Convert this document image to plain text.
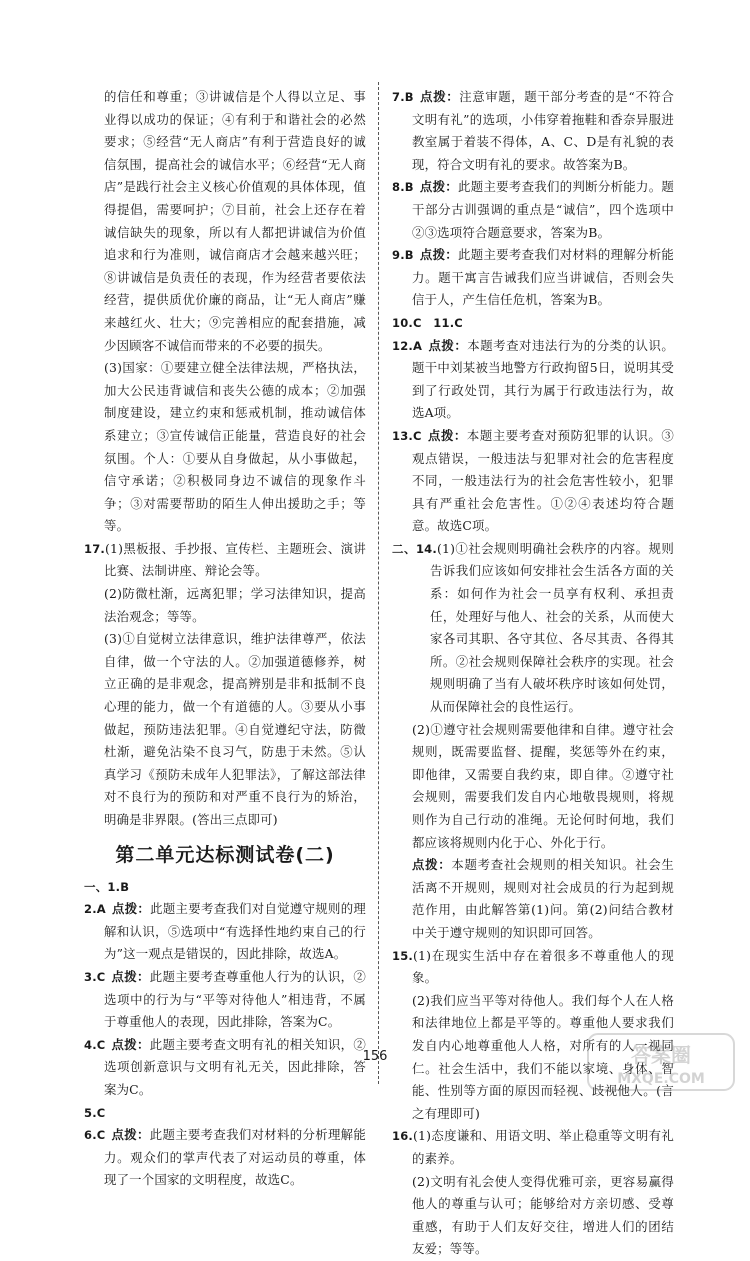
的信任和尊重；③讲诚信是个人得以立足、事业得以成功的保证；④有利于和谐社会的必然要求；⑤经营“无人商店”有利于营造良好的诚信氛围，提高社会的诚信水平；⑥经营“无人商店”是践行社会主义核心价值观的具体体现，值得提倡，需要呵护；⑦目前，社会上还存在着诚信缺失的现象，所以有人都把讲诚信为价值追求和行为准则，诚信商店才会越来越兴旺；⑧讲诚信是负责任的表现，作为经营者要依法经营，提供质优价廉的商品，让“无人商店”赚来越红火、壮大；⑨完善相应的配套措施，减少因顾客不诚信而带来的不必要的损失。

(3)国家：①要建立健全法律法规，严格执法，加大公民违背诚信和丧失公德的成本；②加强制度建设，建立约束和惩戒机制，推动诚信体系建立；③宣传诚信正能量，营造良好的社会氛围。个人：①要从自身做起，从小事做起，信守承诺；②积极同身边不诚信的现象作斗争；③对需要帮助的陌生人伸出援助之手；等等。

17.(1)黑板报、手抄报、宣传栏、主题班会、演讲比赛、法制讲座、辩论会等。

(2)防微杜渐，远离犯罪；学习法律知识，提高法治观念；等等。

(3)①自觉树立法律意识，维护法律尊严，依法自律，做一个守法的人。②加强道德修养，树立正确的是非观念，提高辨别是非和抵制不良心理的能力，做一个有道德的人。③要从小事做起，预防违法犯罪。④自觉遵纪守法，防微杜渐，避免沾染不良习气，防患于未然。⑤认真学习《预防未成年人犯罪法》，了解这部法律对不良行为的预防和对严重不良行为的矫治，明确是非界限。(答出三点即可)

第二单元达标测试卷(二)

一、1.B

2.A 点拨：此题主要考查我们对自觉遵守规则的理解和认识，⑤选项中“有选择性地约束自己的行为”这一观点是错误的，因此排除，故选A。

3.C 点拨：此题主要考查尊重他人行为的认识，②选项中的行为与“平等对待他人”相违背，不属于尊重他人的表现，因此排除，答案为C。

4.C 点拨：此题主要考查文明有礼的相关知识，②选项创新意识与文明有礼无关，因此排除，答案为C。

5.C

6.C 点拨：此题主要考查我们对材料的分析理解能力。观众们的掌声代表了对运动员的尊重，体现了一个国家的文明程度，故选C。

7.B 点拨：注意审题，题干部分考查的是“不符合文明有礼”的选项，小伟穿着拖鞋和香奈异服进教室属于着装不得体，A、C、D是有礼貌的表现，符合文明有礼的要求。故答案为B。

8.B 点拨：此题主要考查我们的判断分析能力。题干部分古训强调的重点是“诚信”，四个选项中②③选项符合题意要求，答案为B。

9.B 点拨：此题主要考查我们对材料的理解分析能力。题干寓言告诫我们应当讲诚信，否则会失信于人，产生信任危机，答案为B。

10.C　11.C

12.A 点拨：本题考查对违法行为的分类的认识。题干中刘某被当地警方行政拘留5日，说明其受到了行政处罚，其行为属于行政违法行为，故选A项。

13.C 点拨：本题主要考查对预防犯罪的认识。③观点错误，一般违法与犯罪对社会的危害程度不同，一般违法行为的社会危害性较小，犯罪具有严重社会危害性。①②④表述均符合题意。故选C项。

二、14.(1)①社会规则明确社会秩序的内容。规则告诉我们应该如何安排社会生活各方面的关系：如何作为社会一员享有权利、承担责任，处理好与他人、社会的关系，从而使大家各司其职、各守其位、各尽其责、各得其所。②社会规则保障社会秩序的实现。社会规则明确了当有人破坏秩序时该如何处罚，从而保障社会的良性运行。

(2)①遵守社会规则需要他律和自律。遵守社会规则，既需要监督、提醒，奖惩等外在约束，即他律，又需要自我约束，即自律。②遵守社会规则，需要我们发自内心地敬畏规则，将规则作为自己行动的准绳。无论何时何地，我们都应该将规则内化于心、外化于行。

点拨：本题考查社会规则的相关知识。社会生活离不开规则，规则对社会成员的行为起到规范作用，由此解答第(1)问。第(2)问结合教材中关于遵守规则的知识即可回答。

15.(1)在现实生活中存在着很多不尊重他人的现象。

(2)我们应当平等对待他人。我们每个人在人格和法律地位上都是平等的。尊重他人要求我们发自内心地尊重他人人格，对所有的人一视同仁。社会生活中，我们不能以家境、身体、智能、性别等方面的原因而轻视、歧视他人。(言之有理即可)

16.(1)态度谦和、用语文明、举止稳重等文明有礼的素养。

(2)文明有礼会使人变得优雅可亲，更容易赢得他人的尊重与认可；能够给对方亲切感、受尊重感，有助于人们友好交往，增进人们的团结友爱；等等。

156	答案圈
MXQE.COM
